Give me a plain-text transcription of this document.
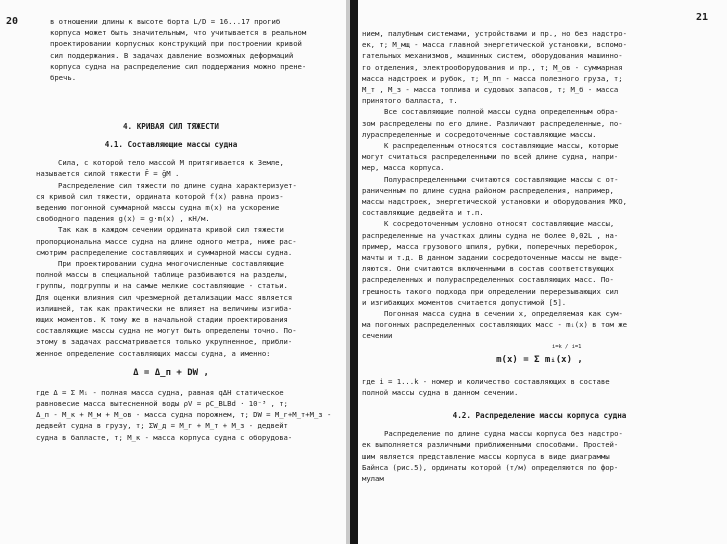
20	в отношении длины к высоте борта L/D = 16...17 прогиб
корпуса может быть значительным, что учитывается в реальном
проектировании корпусных конструкций при построении кривой
сил поддержания. В задачах давление возможных деформаций
корпуса судна на распределение сил поддержания можно прене-
бречь.
4. КРИВАЯ СИЛ ТЯЖЕСТИ
4.1. Составляющие массы судна
Сила, с которой тело массой M притягивается к Земле,
называется силой тяжести F̄ = ḡM .
Распределение сил тяжести по длине судна характеризует-
ся кривой сил тяжести, ордината которой f(x) равна произ-
ведению погонной суммарной массы судна m(x) на ускорение
свободного падения g(x) = g·m(x) , кН/м.
Так как в каждом сечении ордината кривой сил тяжести
пропорциональна массе судна на длине одного метра, ниже рас-
смотрим распределение составляющих и суммарной массы судна.
При проектировании судна многочисленные составляющие
полной массы в специальной таблице разбиваются на разделы,
группы, подгруппы и на самые мелкие составляющие - статьи.
Для оценки влияния сил чрезмерной детализации масс является
излишней, так как практически не влияет на величины изгиба-
ющих моментов. К тому же в начальной стадии проектирования
составляющие массы судна не могут быть определены точно. По-
этому в задачах рассматривается только укрупненное, прибли-
женное определение составляющих массы судна, а именно:
Δ = Δ_п + DW ,
где Δ = Σ Mᵢ - полная масса судна, равная qΔH статическое
равновесие масса вытесненной воды ρV = ρC_BLBd · 10⁻³ , т;
Δ_п - M_к + M_м + M_ов - масса судна порожнем, т; DW = M_г+M_т+M_з -
дедвейт судна в грузу, т; ΣW_д = M_г + M_т + M_з - дедвейт
судна в балласте, т; M_к - масса корпуса судна с оборудова-
21
нием, палубным системами, устройствами и пр., но без надстро-
ек, т; M_мщ - масса главной энергетической установки, вспомо-
гательных механизмов, машинных систем, оборудования машинно-
го отделения, электрооборудования и пр., т; M_ов - суммарная
масса надстроек и рубок, т; M_пп - масса полезного груза, т;
M_т , M_з - масса топлива и судовых запасов, т; M_б - масса
принятого балласта, т.
Все составляющие полной массы судна определенным обра-
зом распределены по его длине. Различают распределенные, по-
лураспределенные и сосредоточенные составляющие массы.
К распределенным относятся составляющие массы, которые
могут считаться распределенными по всей длине судна, напри-
мер, масса корпуса.
Полураспределенными считаются составляющие массы с от-
раниченным по длине судна районом распределения, например,
массы надстроек, энергетической установки и оборудования МКО,
составляющие дедвейта и т.п.
К сосредоточенным условно относят составляющие массы,
распределенные на участках длины судна не более 0,02L , на-
пример, масса грузового шпиля, рубки, поперечных переборок,
мачты и т.д. В данном задании сосредоточенные массы не выде-
ляются. Они считаются включенными в состав соответствующих
распределенных и полураспределенных составляющих масс. По-
грешность такого подхода при определении перерезывающих сил
и изгибающих моментов считается допустимой [5].
Погонная масса судна в сечении x, определяемая как сум-
ма погонных распределенных составляющих масс - mᵢ(x) в том же
сечении
m(x) = Σ mᵢ(x) ,
i=k / i=1
где i = 1...k - номер и количество составляющих в составе
полной массы судна в данном сечении.
4.2. Распределение массы корпуса судна
Распределение по длине судна массы корпуса без надстро-
ек выполняется различными приближенными способами. Простей-
шим является представление массы корпуса в виде диаграммы
Байнса (рис.5), ординаты которой (т/м) определяются по фор-
мулам
